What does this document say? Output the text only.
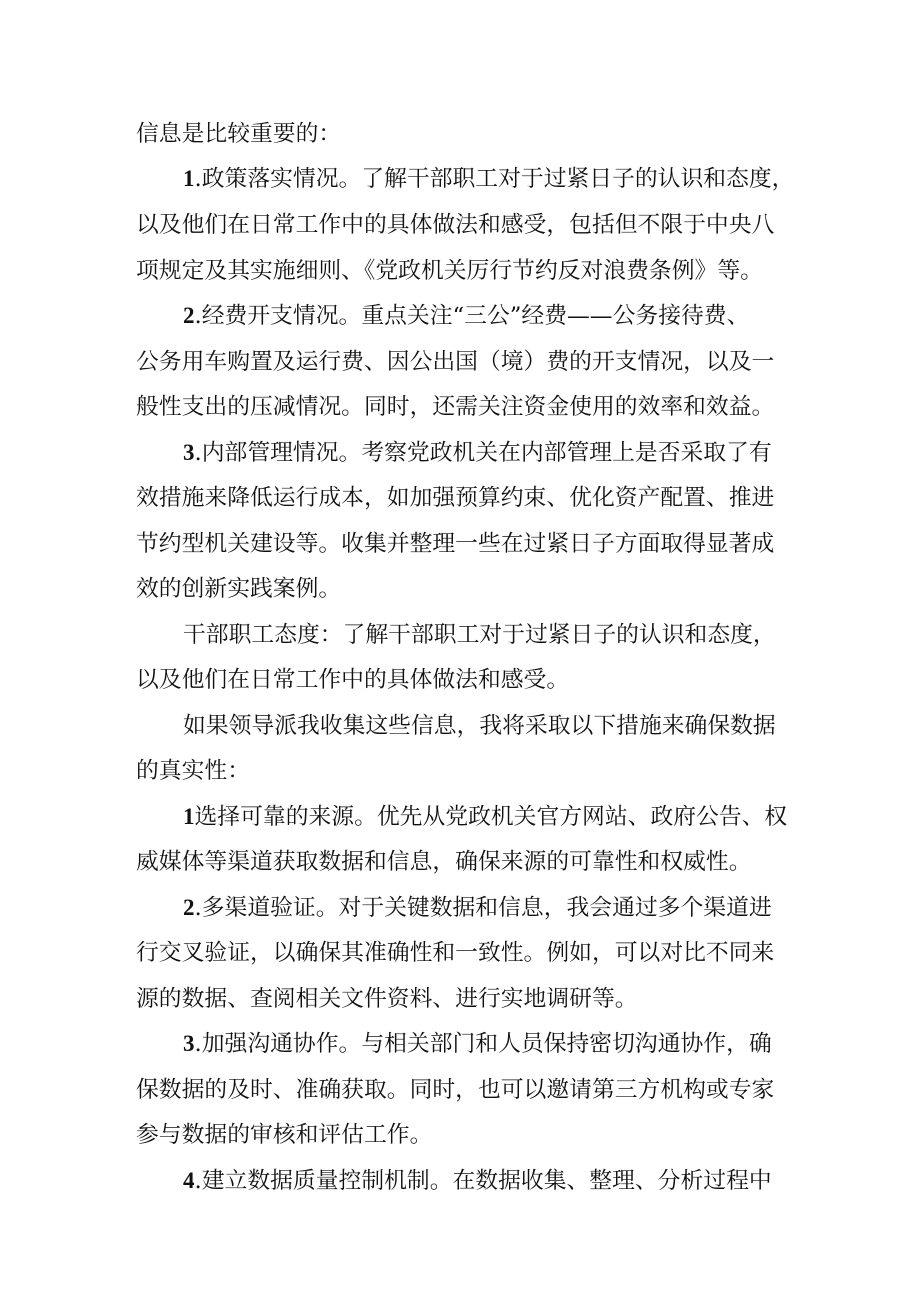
信息是比较重要的：
1.政策落实情况。了解干部职工对于过紧日子的认识和态度，
以及他们在日常工作中的具体做法和感受，包括但不限于中央八
项规定及其实施细则、《党政机关厉行节约反对浪费条例》等。
2.经费开支情况。重点关注“三公”经费——公务接待费、
公务用车购置及运行费、因公出国（境）费的开支情况，以及一
般性支出的压减情况。同时，还需关注资金使用的效率和效益。
3.内部管理情况。考察党政机关在内部管理上是否采取了有
效措施来降低运行成本，如加强预算约束、优化资产配置、推进
节约型机关建设等。收集并整理一些在过紧日子方面取得显著成
效的创新实践案例。
干部职工态度：了解干部职工对于过紧日子的认识和态度，
以及他们在日常工作中的具体做法和感受。
如果领导派我收集这些信息，我将采取以下措施来确保数据
的真实性：
1选择可靠的来源。优先从党政机关官方网站、政府公告、权
威媒体等渠道获取数据和信息，确保来源的可靠性和权威性。
2.多渠道验证。对于关键数据和信息，我会通过多个渠道进
行交叉验证，以确保其准确性和一致性。例如，可以对比不同来
源的数据、查阅相关文件资料、进行实地调研等。
3.加强沟通协作。与相关部门和人员保持密切沟通协作，确
保数据的及时、准确获取。同时，也可以邀请第三方机构或专家
参与数据的审核和评估工作。
4.建立数据质量控制机制。在数据收集、整理、分析过程中
